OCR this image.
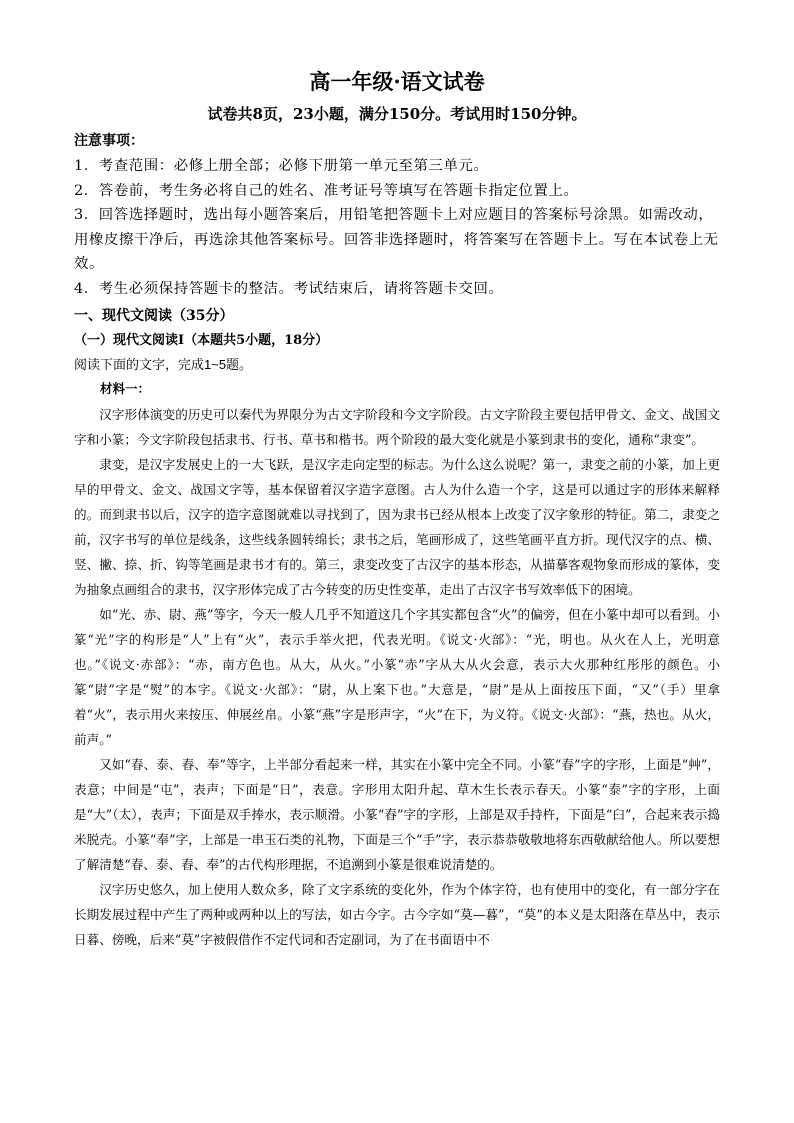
高一年级·语文试卷
试卷共8页，23小题，满分150分。考试用时150分钟。
注意事项：

1．考查范围：必修上册全部；必修下册第一单元至第三单元。

2．答卷前，考生务必将自己的姓名、准考证号等填写在答题卡指定位置上。

3．回答选择题时，选出每小题答案后，用铅笔把答题卡上对应题目的答案标号涂黑。如需改动，用橡皮擦干净后，再选涂其他答案标号。回答非选择题时，将答案写在答题卡上。写在本试卷上无效。

4．考生必须保持答题卡的整洁。考试结束后，请将答题卡交回。

一、现代文阅读（35分）
（一）现代文阅读Ⅰ（本题共5小题，18分）
阅读下面的文字，完成1~5题。
材料一：

汉字形体演变的历史可以秦代为界限分为古文字阶段和今文字阶段。古文字阶段主要包括甲骨文、金文、战国文字和小篆；今文字阶段包括隶书、行书、草书和楷书。两个阶段的最大变化就是小篆到隶书的变化，通称“隶变”。

隶变，是汉字发展史上的一大飞跃，是汉字走向定型的标志。为什么这么说呢？第一，隶变之前的小篆，加上更早的甲骨文、金文、战国文字等，基本保留着汉字造字意图。古人为什么造一个字，这是可以通过字的形体来解释的。而到隶书以后，汉字的造字意图就难以寻找到了，因为隶书已经从根本上改变了汉字象形的特征。第二，隶变之前，汉字书写的单位是线条，这些线条圆转绵长；隶书之后，笔画形成了，这些笔画平直方折。现代汉字的点、横、竖、撇、捺、折、钩等笔画是隶书才有的。第三，隶变改变了古汉字的基本形态，从描摹客观物象而形成的篆体，变为抽象点画组合的隶书，汉字形体完成了古今转变的历史性变革，走出了古汉字书写效率低下的困境。

如“光、赤、尉、燕”等字，今天一般人几乎不知道这几个字其实都包含“火”的偏旁，但在小篆中却可以看到。小篆“光”字的构形是“人”上有“火”，表示手举火把，代表光明。《说文·火部》：“光，明也。从火在人上，光明意也。”《说文·赤部》：“赤，南方色也。从大，从火。”小篆“赤”字从大从火会意，表示大火那种红彤彤的颜色。小篆“尉”字是“熨”的本字。《说文·火部》：“尉，从上案下也。”大意是，“尉”是从上面按压下面，“又”（手）里拿着“火”，表示用火来按压、伸展丝帛。小篆“燕”字是形声字，“火”在下，为义符。《说文·火部》：“燕，热也。从火，前声。”

又如“春、泰、舂、奉”等字，上半部分看起来一样，其实在小篆中完全不同。小篆“春”字的字形，上面是“艸”，表意；中间是“屯”，表声；下面是“日”，表意。字形用太阳升起、草木生长表示春天。小篆“泰”字的字形，上面是“大”（太），表声；下面是双手捧水，表示顺滑。小篆“舂”字的字形，上部是双手持杵，下面是“臼”，合起来表示捣米脱壳。小篆“奉”字，上部是一串玉石类的礼物，下面是三个“手”字，表示恭恭敬敬地将东西敬献给他人。所以要想了解清楚“春、泰、舂、奉”的古代构形理据，不追溯到小篆是很难说清楚的。

汉字历史悠久，加上使用人数众多，除了文字系统的变化外，作为个体字符，也有使用中的变化，有一部分字在长期发展过程中产生了两种或两种以上的写法，如古今字。古今字如“莫—暮”，“莫”的本义是太阳落在草丛中，表示日暮、傍晚，后来“莫”字被假借作不定代词和否定副词，为了在书面语中不
